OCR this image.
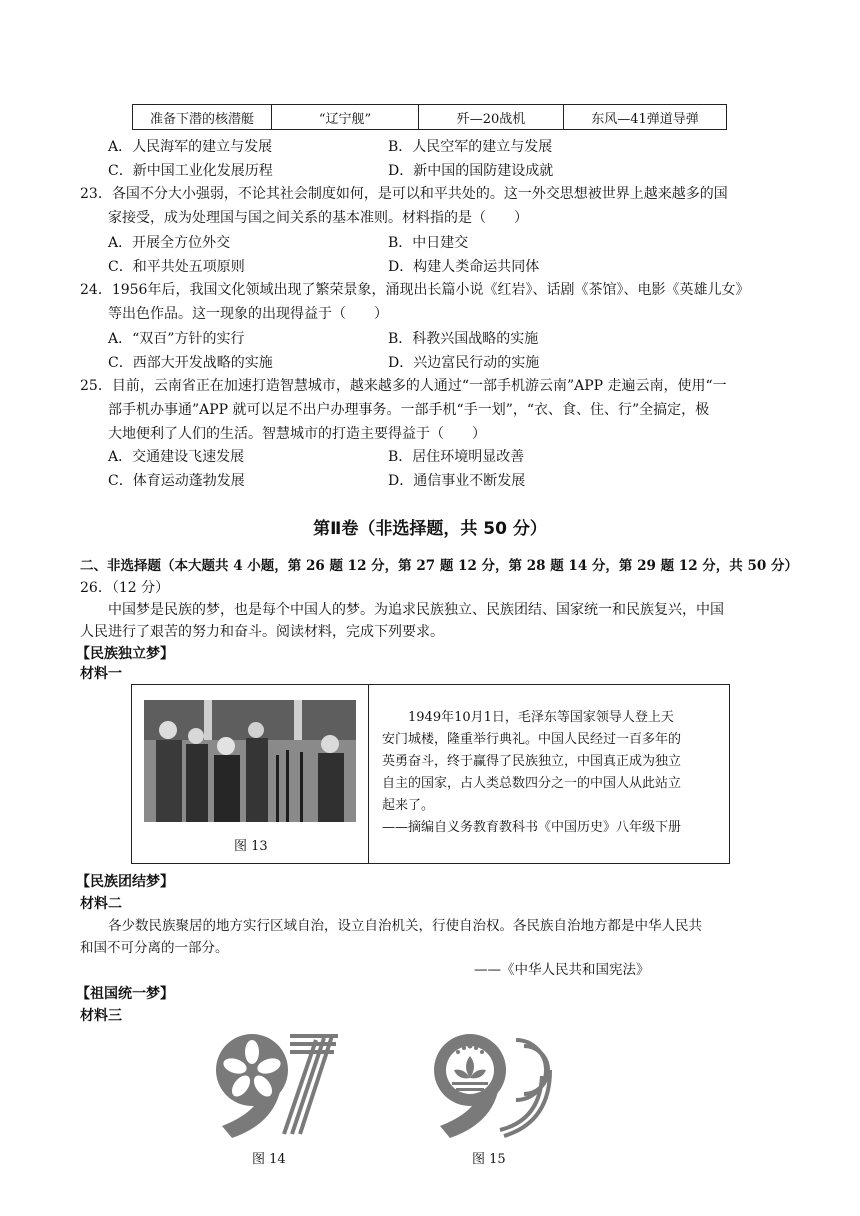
准备下潜的核潜艇	“辽宁舰”	歼—20战机	东风—41弹道导弹
A．人民海军的建立与发展	B．人民空军的建立与发展
C．新中国工业化发展历程	D．新中国的国防建设成就
23．各国不分大小强弱，不论其社会制度如何，是可以和平共处的。这一外交思想被世界上越来越多的国
家接受，成为处理国与国之间关系的基本准则。材料指的是（　　）
A．开展全方位外交	B．中日建交
C．和平共处五项原则	D．构建人类命运共同体
24．1956年后，我国文化领域出现了繁荣景象，涌现出长篇小说《红岩》、话剧《茶馆》、电影《英雄儿女》
等出色作品。这一现象的出现得益于（　　）
A．“双百”方针的实行	B．科教兴国战略的实施
C．西部大开发战略的实施	D．兴边富民行动的实施
25．目前，云南省正在加速打造智慧城市，越来越多的人通过“一部手机游云南”APP 走遍云南，使用“一
部手机办事通”APP 就可以足不出户办理事务。一部手机“手一划”，“衣、食、住、行”全搞定，极
大地便利了人们的生活。智慧城市的打造主要得益于（　　）
A．交通建设飞速发展	B．居住环境明显改善
C．体育运动蓬勃发展	D．通信事业不断发展
第Ⅱ卷（非选择题，共 50 分）
二、非选择题（本大题共 4 小题，第 26 题 12 分，第 27 题 12 分，第 28 题 14 分，第 29 题 12 分，共 50 分）
26．（12 分）
中国梦是民族的梦，也是每个中国人的梦。为追求民族独立、民族团结、国家统一和民族复兴，中国
人民进行了艰苦的努力和奋斗。阅读材料，完成下列要求。
【民族独立梦】
材料一
图 13
1949年10月1日，毛泽东等国家领导人登上天
安门城楼，隆重举行典礼。中国人民经过一百多年的
英勇奋斗，终于赢得了民族独立，中国真正成为独立
自主的国家，占人类总数四分之一的中国人从此站立
起来了。
——摘编自义务教育教科书《中国历史》八年级下册
【民族团结梦】
材料二
各少数民族聚居的地方实行区域自治，设立自治机关，行使自治权。各民族自治地方都是中华人民共
和国不可分离的一部分。
——《中华人民共和国宪法》
【祖国统一梦】
材料三
图 14	图 15
